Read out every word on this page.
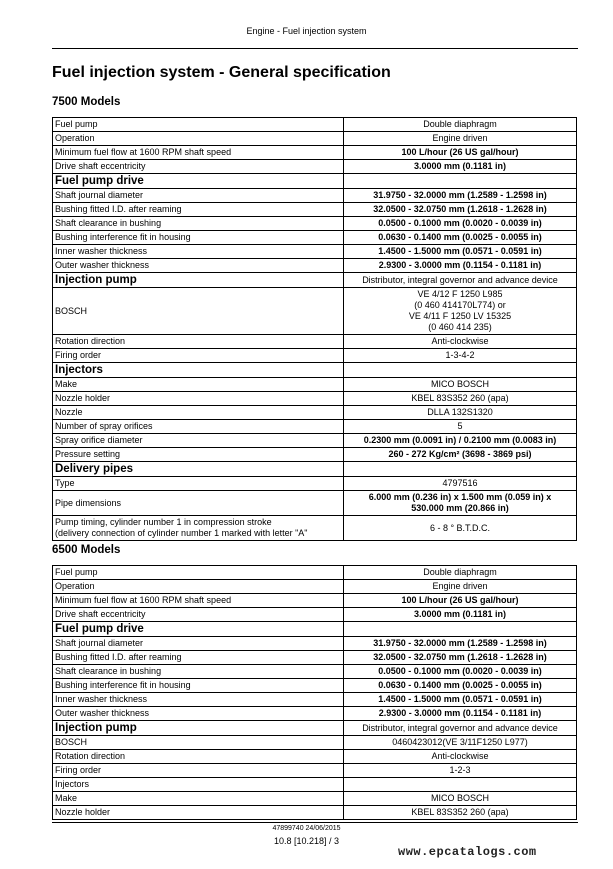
Engine - Fuel injection system
Fuel injection system - General specification
7500 Models
Fuel pump	Double diaphragm
Operation	Engine driven
Minimum fuel flow at 1600 RPM shaft speed	100 L/hour (26 US gal/hour)
Drive shaft eccentricity	3.0000 mm (0.1181 in)
Fuel pump drive	
Shaft journal diameter	31.9750 - 32.0000 mm (1.2589 - 1.2598 in)
Bushing fitted I.D. after reaming	32.0500 - 32.0750 mm (1.2618 - 1.2628 in)
Shaft clearance in bushing	0.0500 - 0.1000 mm (0.0020 - 0.0039 in)
Bushing interference fit in housing	0.0630 - 0.1400 mm (0.0025 - 0.0055 in)
Inner washer thickness	1.4500 - 1.5000 mm (0.0571 - 0.0591 in)
Outer washer thickness	2.9300 - 3.0000 mm (0.1154 - 0.1181 in)
Injection pump	Distributor, integral governor and advance device
BOSCH	VE 4/12 F 1250 L985
(0 460 414170L774) or
VE 4/11 F 1250 LV 15325
(0 460 414 235)

Rotation direction	Anti-clockwise
Firing order	1-3-4-2
Injectors	
Make	MICO BOSCH
Nozzle holder	KBEL 83S352 260 (apa)
Nozzle	DLLA 132S1320
Number of spray orifices	5
Spray orifice diameter	0.2300 mm (0.0091 in) / 0.2100 mm (0.0083 in)
Pressure setting	260 - 272 Kg/cm² (3698 - 3869 psi)
Delivery pipes	
Type	4797516
Pipe dimensions	6.000 mm (0.236 in) x 1.500 mm (0.059 in) x
530.000 mm (20.866 in)

Pump timing, cylinder number 1 in compression stroke
(delivery connection of cylinder number 1 marked with letter "A"	6 - 8 ° B.T.D.C.
6500 Models
Fuel pump	Double diaphragm
Operation	Engine driven
Minimum fuel flow at 1600 RPM shaft speed	100 L/hour (26 US gal/hour)
Drive shaft eccentricity	3.0000 mm (0.1181 in)
Fuel pump drive	
Shaft journal diameter	31.9750 - 32.0000 mm (1.2589 - 1.2598 in)
Bushing fitted I.D. after reaming	32.0500 - 32.0750 mm (1.2618 - 1.2628 in)
Shaft clearance in bushing	0.0500 - 0.1000 mm (0.0020 - 0.0039 in)
Bushing interference fit in housing	0.0630 - 0.1400 mm (0.0025 - 0.0055 in)
Inner washer thickness	1.4500 - 1.5000 mm (0.0571 - 0.0591 in)
Outer washer thickness	2.9300 - 3.0000 mm (0.1154 - 0.1181 in)
Injection pump	Distributor, integral governor and advance device
BOSCH	0460423012(VE 3/11F1250 L977)
Rotation direction	Anti-clockwise
Firing order	1-2-3
Injectors	
Make	MICO BOSCH
Nozzle holder	KBEL 83S352 260 (apa)
47899740 24/06/2015
10.8 [10.218] / 3
www.epcatalogs.com
